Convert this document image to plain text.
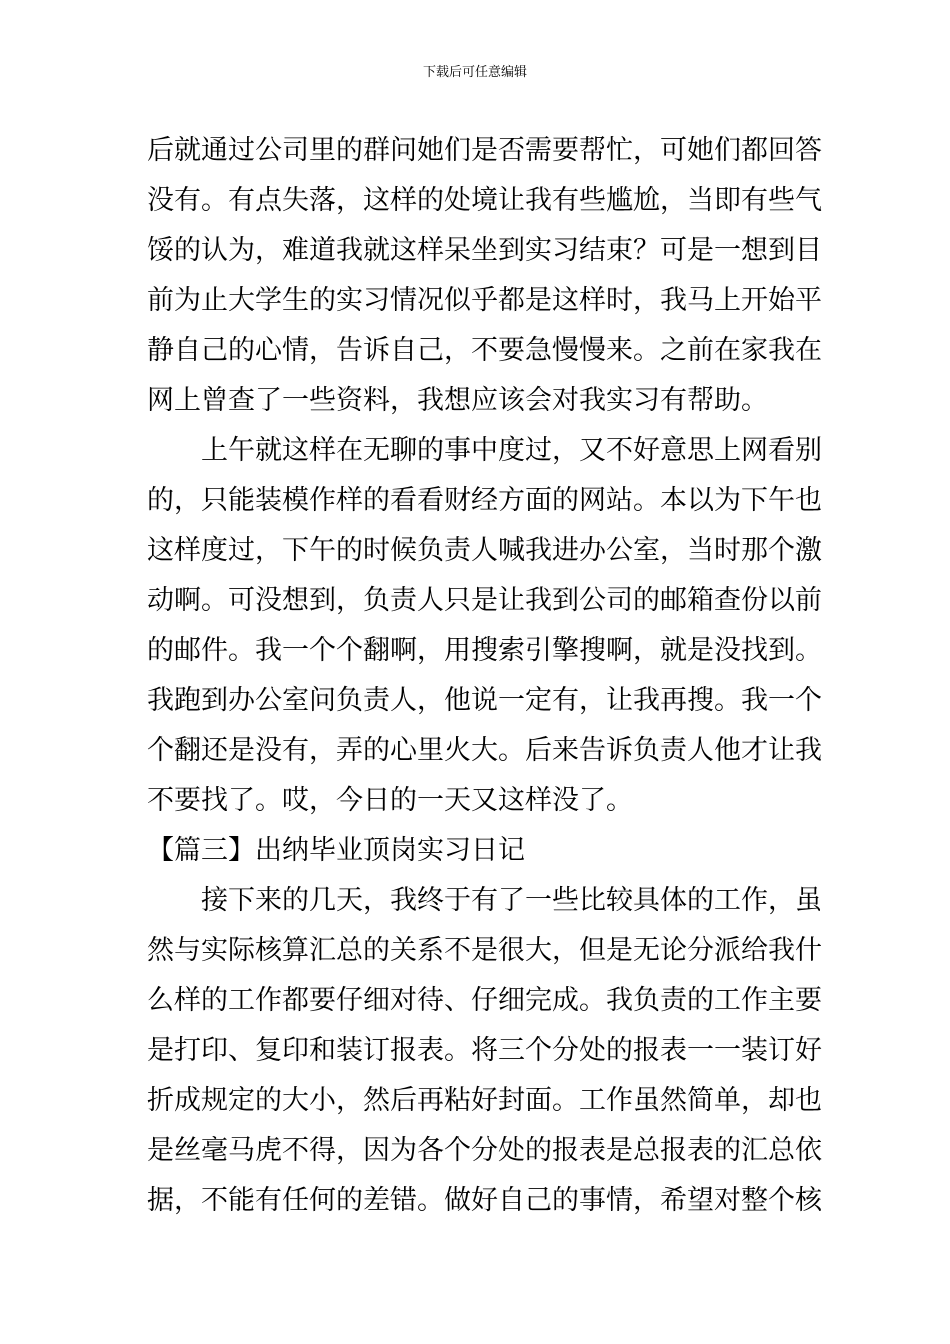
下载后可任意编辑
后就通过公司里的群问她们是否需要帮忙，可她们都回答
没有。有点失落，这样的处境让我有些尴尬，当即有些气
馁的认为，难道我就这样呆坐到实习结束？可是一想到目
前为止大学生的实习情况似乎都是这样时，我马上开始平
静自己的心情，告诉自己，不要急慢慢来。之前在家我在
网上曾查了一些资料，我想应该会对我实习有帮助。
上午就这样在无聊的事中度过，又不好意思上网看别
的，只能装模作样的看看财经方面的网站。本以为下午也
这样度过，下午的时候负责人喊我进办公室，当时那个激
动啊。可没想到，负责人只是让我到公司的邮箱查份以前
的邮件。我一个个翻啊，用搜索引擎搜啊，就是没找到。
我跑到办公室问负责人，他说一定有，让我再搜。我一个
个翻还是没有，弄的心里火大。后来告诉负责人他才让我
不要找了。哎，今日的一天又这样没了。
【篇三】出纳毕业顶岗实习日记
接下来的几天，我终于有了一些比较具体的工作，虽
然与实际核算汇总的关系不是很大，但是无论分派给我什
么样的工作都要仔细对待、仔细完成。我负责的工作主要
是打印、复印和装订报表。将三个分处的报表一一装订好
折成规定的大小，然后再粘好封面。工作虽然简单，却也
是丝毫马虎不得，因为各个分处的报表是总报表的汇总依
据，不能有任何的差错。做好自己的事情，希望对整个核
